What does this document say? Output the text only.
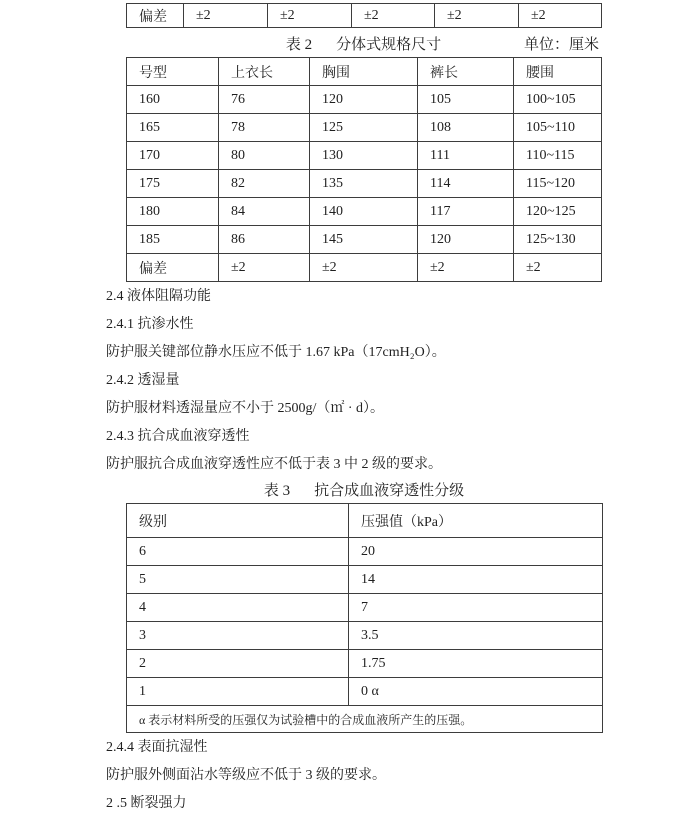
偏差	±2	±2	±2	±2	±2
表 2 分体式规格尺寸	单位：厘米
号型	上衣长	胸围	裤长	腰围
160	76	120	105	100~105
165	78	125	108	105~110
170	80	130	111	110~115
175	82	135	114	115~120
180	84	140	117	120~125
185	86	145	120	125~130
偏差	±2	±2	±2	±2
2.4 液体阻隔功能
2.4.1 抗渗水性
防护服关键部位静水压应不低于 1.67 kPa（17cmH₂O）。
2.4.2 透湿量
防护服材料透湿量应不小于 2500g/（㎡ · d）。
2.4.3 抗合成血液穿透性
防护服抗合成血液穿透性应不低于表 3 中 2 级的要求。
表 3 抗合成血液穿透性分级
级别	压强值（kPa）
6	20
5	14
4	7
3	3.5
2	1.75
1	0 α
α 表示材料所受的压强仅为试验槽中的合成血液所产生的压强。	
2.4.4 表面抗湿性
防护服外侧面沾水等级应不低于 3 级的要求。
2 .5 断裂强力
